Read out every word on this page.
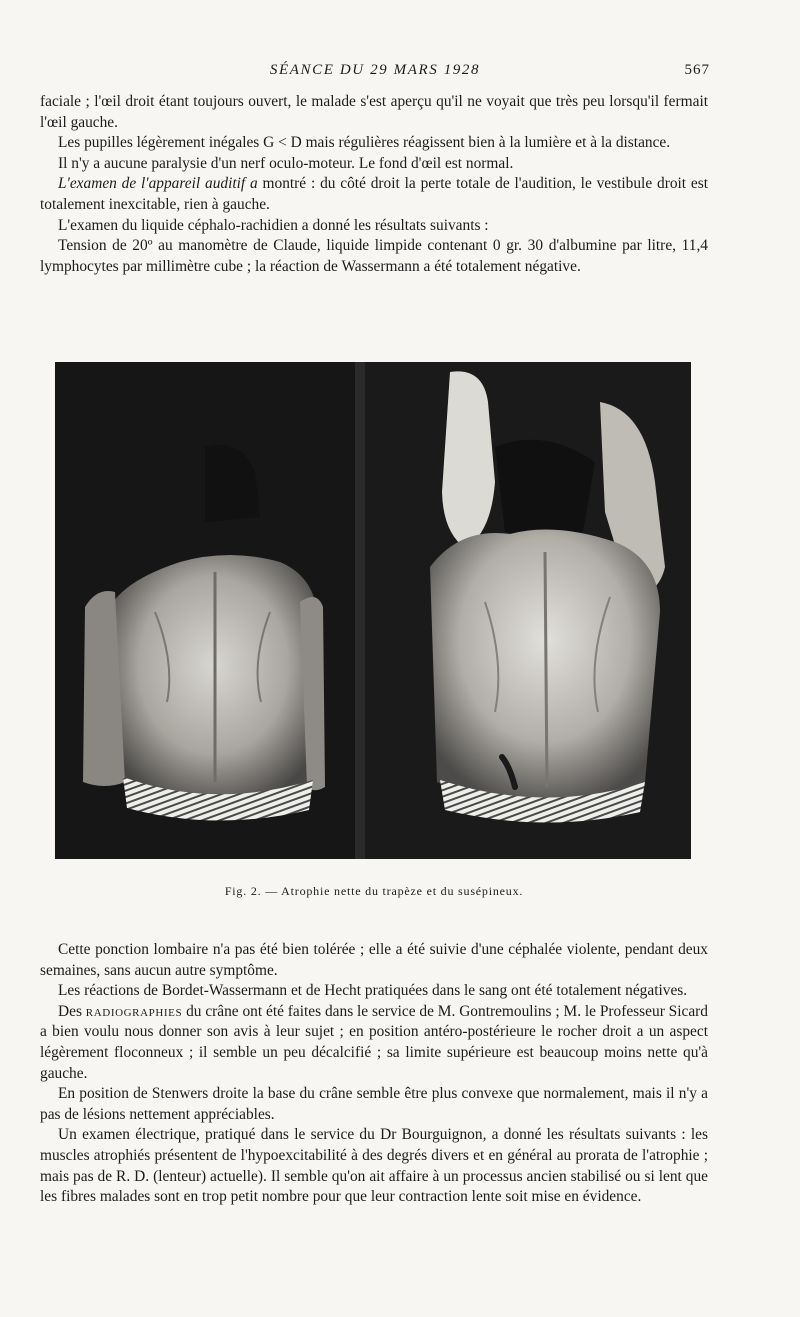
SÉANCE DU 29 MARS 1928	567

faciale ; l'œil droit étant toujours ouvert, le malade s'est aperçu qu'il ne voyait que très peu lorsqu'il fermait l'œil gauche.

Les pupilles légèrement inégales G < D mais régulières réagissent bien à la lumière et à la distance.

Il n'y a aucune paralysie d'un nerf oculo-moteur. Le fond d'œil est normal.

L'examen de l'appareil auditif a montré : du côté droit la perte totale de l'audition, le vestibule droit est totalement inexcitable, rien à gauche.

L'examen du liquide céphalo-rachidien a donné les résultats suivants :

Tension de 20º au manomètre de Claude, liquide limpide contenant 0 gr. 30 d'albumine par litre, 11,4 lymphocytes par millimètre cube ; la réaction de Wassermann a été totalement négative.

Fig. 2. — Atrophie nette du trapèze et du susépineux.

Cette ponction lombaire n'a pas été bien tolérée ; elle a été suivie d'une céphalée violente, pendant deux semaines, sans aucun autre symptôme.

Les réactions de Bordet-Wassermann et de Hecht pratiquées dans le sang ont été totalement négatives.

Des radiographies du crâne ont été faites dans le service de M. Gontremoulins ; M. le Professeur Sicard a bien voulu nous donner son avis à leur sujet ; en position antéro-postérieure le rocher droit a un aspect légèrement floconneux ; il semble un peu décalcifié ; sa limite supérieure est beaucoup moins nette qu'à gauche.

En position de Stenwers droite la base du crâne semble être plus convexe que normalement, mais il n'y a pas de lésions nettement appréciables.

Un examen électrique, pratiqué dans le service du Dr Bourguignon, a donné les résultats suivants : les muscles atrophiés présentent de l'hypoexcitabilité à des degrés divers et en général au prorata de l'atrophie ; mais pas de R. D. (lenteur) actuelle). Il semble qu'on ait affaire à un processus ancien stabilisé ou si lent que les fibres malades sont en trop petit nombre pour que leur contraction lente soit mise en évidence.
